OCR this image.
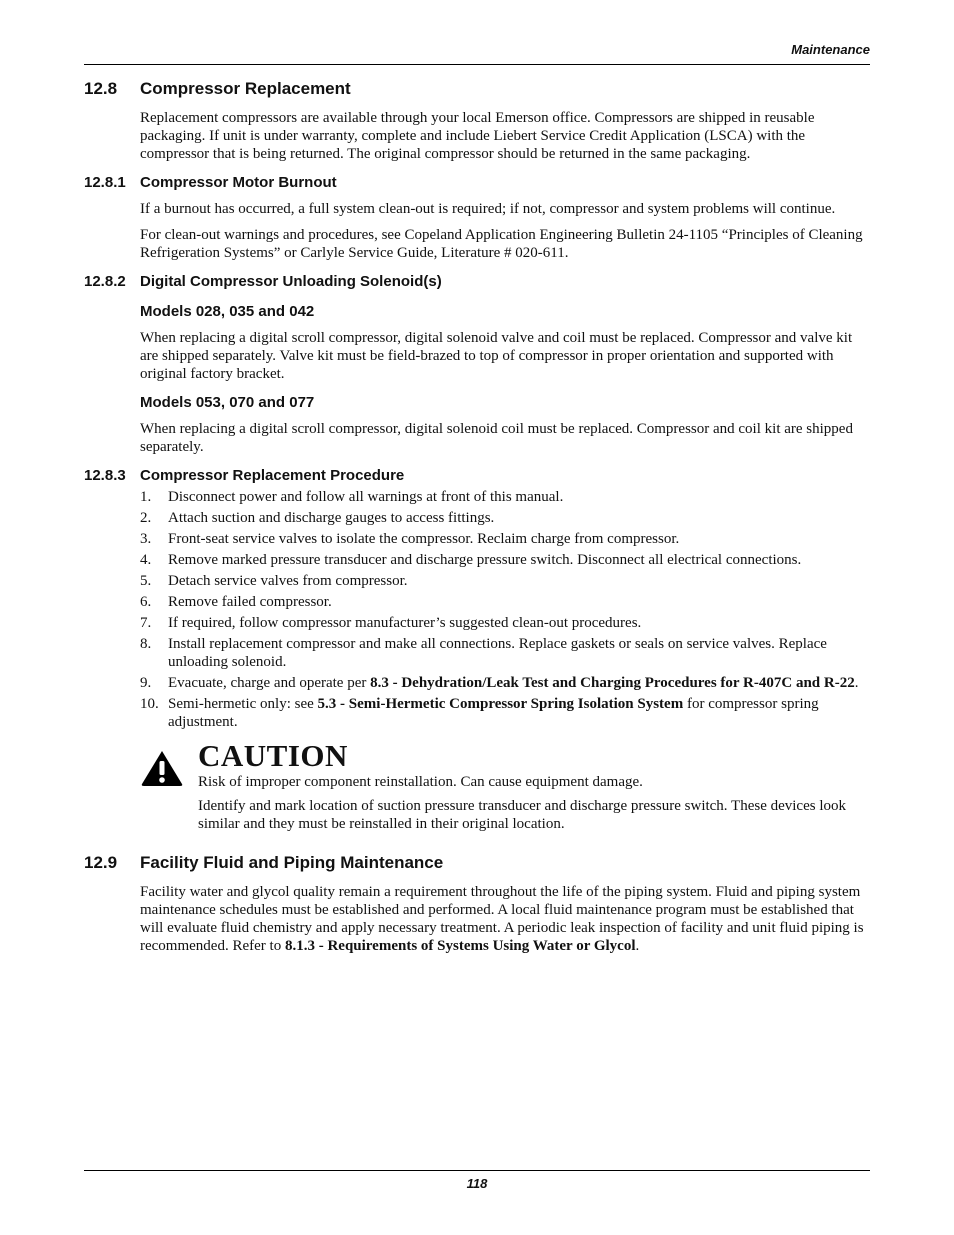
Maintenance
12.8	Compressor Replacement

Replacement compressors are available through your local Emerson office. Compressors are shipped in reusable packaging. If unit is under warranty, complete and include Liebert Service Credit Application (LSCA) with the compressor that is being returned. The original compressor should be returned in the same packaging.

12.8.1 Compressor Motor Burnout

If a burnout has occurred, a full system clean-out is required; if not, compressor and system problems will continue.

For clean-out warnings and procedures, see Copeland Application Engineering Bulletin 24-1105 “Principles of Cleaning Refrigeration Systems” or Carlyle Service Guide, Literature # 020-611.

12.8.2 Digital Compressor Unloading Solenoid(s)
Models 028, 035 and 042

When replacing a digital scroll compressor, digital solenoid valve and coil must be replaced. Compressor and valve kit are shipped separately. Valve kit must be field-brazed to top of compressor in proper orientation and supported with original factory bracket.

Models 053, 070 and 077

When replacing a digital scroll compressor, digital solenoid coil must be replaced. Compressor and coil kit are shipped separately.

12.8.3 Compressor Replacement Procedure
1.	Disconnect power and follow all warnings at front of this manual.
2.	Attach suction and discharge gauges to access fittings.
3.	Front-seat service valves to isolate the compressor. Reclaim charge from compressor.
4.	Remove marked pressure transducer and discharge pressure switch. Disconnect all electrical connections.
5.	Detach service valves from compressor.
6.	Remove failed compressor.
7.	If required, follow compressor manufacturer’s suggested clean-out procedures.
8.	Install replacement compressor and make all connections. Replace gaskets or seals on service valves. Replace unloading solenoid.
9.	Evacuate, charge and operate per 8.3 - Dehydration/Leak Test and Charging Procedures for R-407C and R-22.
10. Semi-hermetic only: see 5.3 - Semi-Hermetic Compressor Spring Isolation System for compressor spring adjustment.
CAUTION

Risk of improper component reinstallation. Can cause equipment damage.

Identify and mark location of suction pressure transducer and discharge pressure switch. These devices look similar and they must be reinstalled in their original location.

12.9	Facility Fluid and Piping Maintenance

Facility water and glycol quality remain a requirement throughout the life of the piping system. Fluid and piping system maintenance schedules must be established and performed. A local fluid maintenance program must be established that will evaluate fluid chemistry and apply necessary treatment. A periodic leak inspection of facility and unit fluid piping is recommended. Refer to 8.1.3 - Requirements of Systems Using Water or Glycol.

118
